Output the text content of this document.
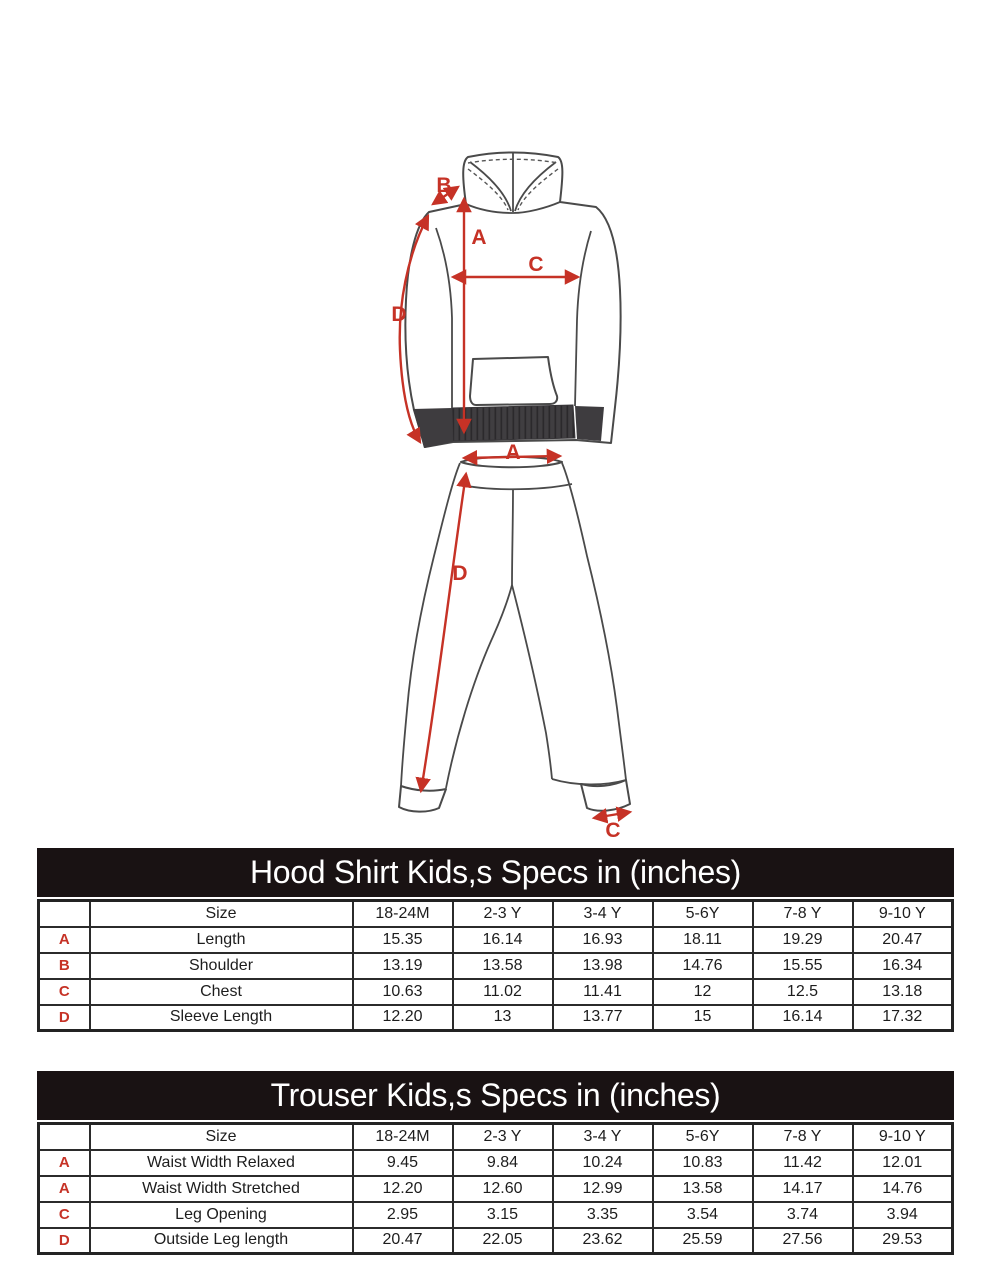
B
A
C
D
A
D
C
Hood Shirt Kids,s Specs in (inches)
	Size	18-24M	2-3 Y	3-4 Y	5-6Y	7-8 Y	9-10 Y
A	Length	15.35	16.14	16.93	18.11	19.29	20.47
B	Shoulder	13.19	13.58	13.98	14.76	15.55	16.34
C	Chest	10.63	11.02	11.41	12	12.5	13.18
D	Sleeve Length	12.20	13	13.77	15	16.14	17.32
Trouser Kids,s Specs in (inches)
	Size	18-24M	2-3 Y	3-4 Y	5-6Y	7-8 Y	9-10 Y
A	Waist Width Relaxed	9.45	9.84	10.24	10.83	11.42	12.01
A	Waist Width Stretched	12.20	12.60	12.99	13.58	14.17	14.76
C	Leg Opening	2.95	3.15	3.35	3.54	3.74	3.94
D	Outside Leg length	20.47	22.05	23.62	25.59	27.56	29.53
